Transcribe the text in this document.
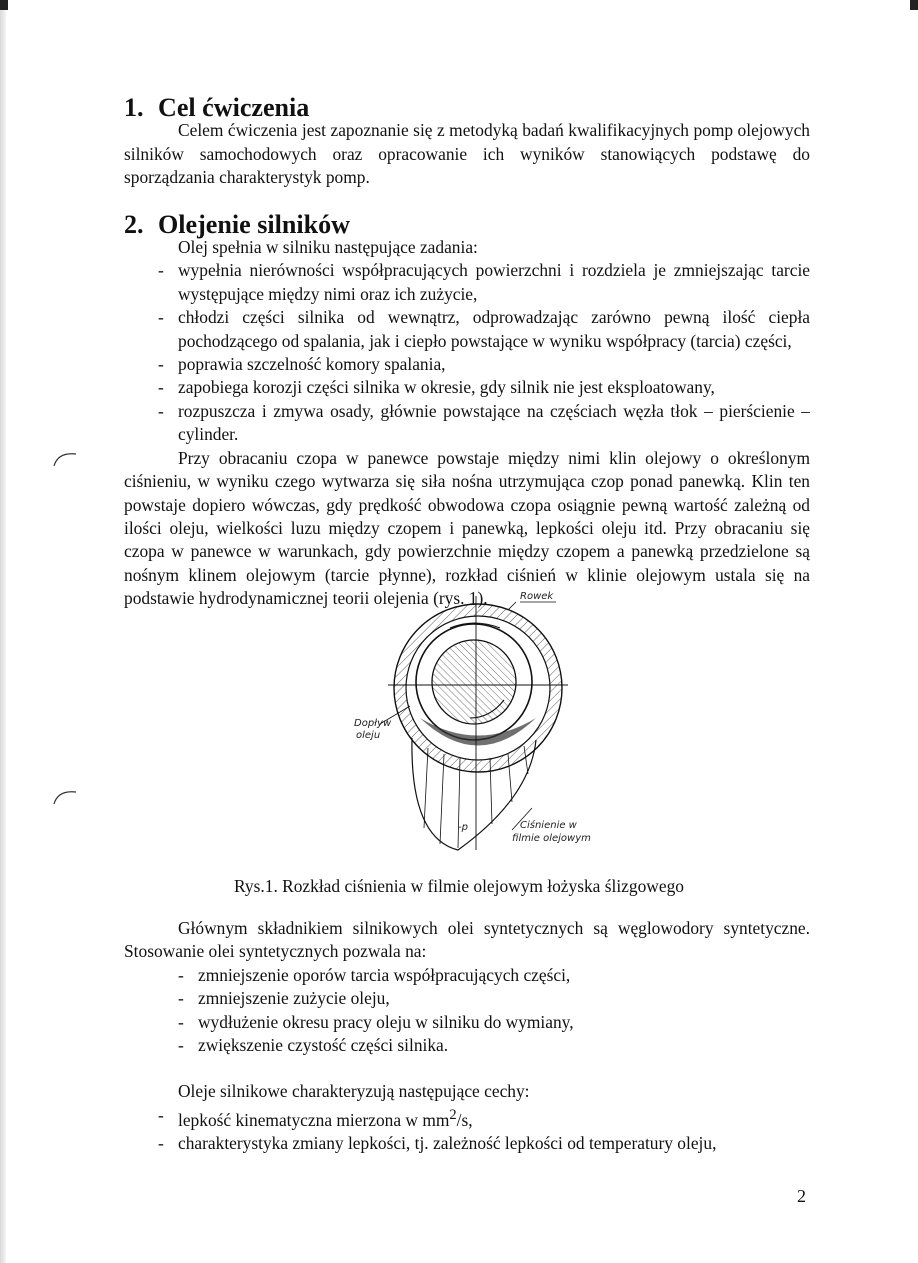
1. Cel ćwiczenia

Celem ćwiczenia jest zapoznanie się z metodyką badań kwalifikacyjnych pomp olejowych silników samochodowych oraz opracowanie ich wyników stanowiących podstawę do sporządzania charakterystyk pomp.

2. Olejenie silników

Olej spełnia w silniku następujące zadania:

- wypełnia nierówności współpracujących powierzchni i rozdziela je zmniejszając tarcie występujące między nimi oraz ich zużycie,
- chłodzi części silnika od wewnątrz, odprowadzając zarówno pewną ilość ciepła pochodzącego od spalania, jak i ciepło powstające w wyniku współpracy (tarcia) części,
- poprawia szczelność komory spalania,
- zapobiega korozji części silnika w okresie, gdy silnik nie jest eksploatowany,
- rozpuszcza i zmywa osady, głównie powstające na częściach węzła tłok – pierścienie – cylinder.

Przy obracaniu czopa w panewce powstaje między nimi klin olejowy o określonym ciśnieniu, w wyniku czego wytwarza się siła nośna utrzymująca czop ponad panewką. Klin ten powstaje dopiero wówczas, gdy prędkość obwodowa czopa osiągnie pewną wartość zależną od ilości oleju, wielkości luzu między czopem i panewką, lepkości oleju itd. Przy obracaniu się czopa w panewce w warunkach, gdy powierzchnie między czopem a panewką przedzielone są nośnym klinem olejowym (tarcie płynne), rozkład ciśnień w klinie olejowym ustala się na podstawie hydrodynamicznej teorii olejenia (rys. 1).	Rowek
Dopływ
oleju
-p	Ciśnienie w
filmie olejowym
Rys.1. Rozkład ciśnienia w filmie olejowym łożyska ślizgowego

Głównym składnikiem silnikowych olei syntetycznych są węglowodory syntetyczne. Stosowanie olei syntetycznych pozwala na:

- zmniejszenie oporów tarcia współpracujących części,
- zmniejszenie zużycie oleju,
- wydłużenie okresu pracy oleju w silniku do wymiany,
- zwiększenie czystość części silnika.

Oleje silnikowe charakteryzują następujące cechy:

- lepkość kinematyczna mierzona w $mm^2/s$,
- charakterystyka zmiany lepkości, tj. zależność lepkości od temperatury oleju,
2
